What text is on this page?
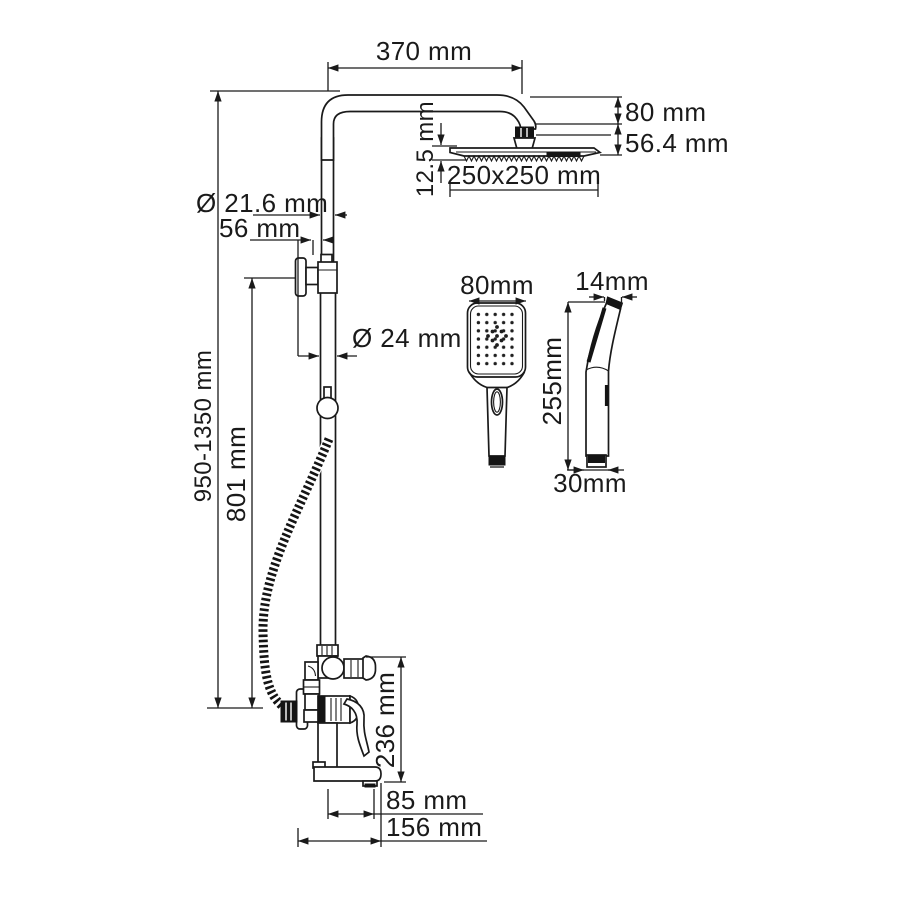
370 mm
80 mm
56.4 mm
12.5 mm 250x250 mm
Ø 21.6 mm
56 mm
Ø 24 mm
950-1350 mm 801 mm
236 mm
85 mm
156 mm
80mm 14mm
255mm
30mm
